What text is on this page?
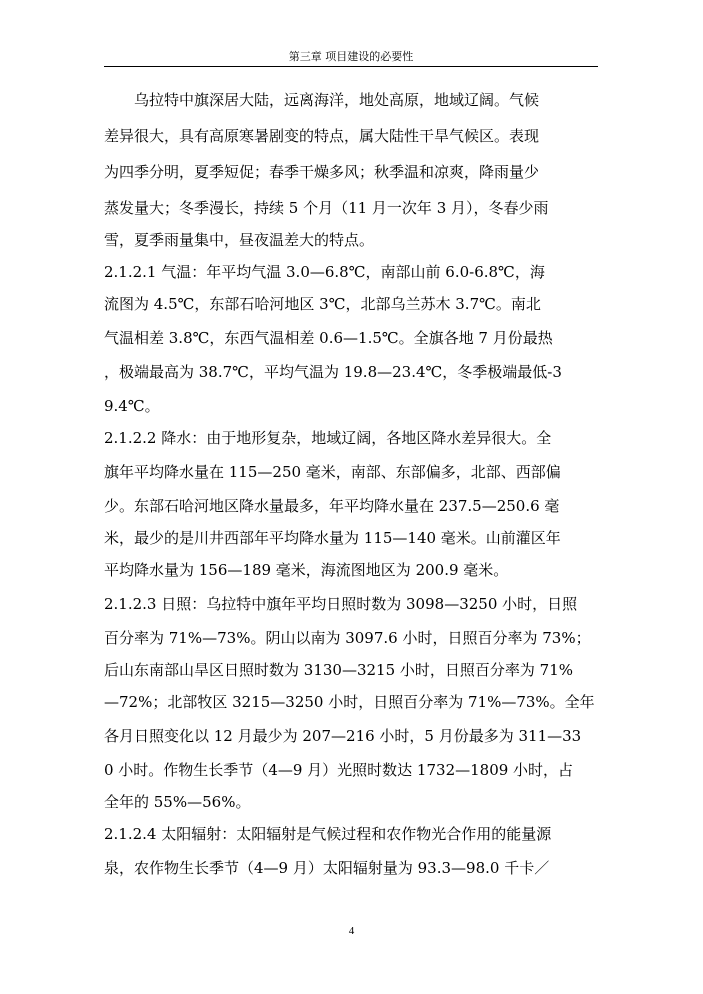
第三章 项目建设的必要性
　　乌拉特中旗深居大陆，远离海洋，地处高原，地域辽阔。气候
差异很大，具有高原寒暑剧变的特点，属大陆性干旱气候区。表现
为四季分明，夏季短促；春季干燥多风；秋季温和凉爽，降雨量少
蒸发量大；冬季漫长，持续 5 个月（11 月一次年 3 月），冬春少雨
雪，夏季雨量集中，昼夜温差大的特点。
2.1.2.1 气温：年平均气温 3.0—6.8℃，南部山前 6.0-6.8℃，海
流图为 4.5℃，东部石哈河地区 3℃，北部乌兰苏木 3.7℃。南北
气温相差 3.8℃，东西气温相差 0.6—1.5℃。全旗各地 7 月份最热
，极端最高为 38.7℃，平均气温为 19.8—23.4℃，冬季极端最低-3
9.4℃。
2.1.2.2 降水：由于地形复杂，地域辽阔，各地区降水差异很大。全
旗年平均降水量在 115—250 毫米，南部、东部偏多，北部、西部偏
少。东部石哈河地区降水量最多，年平均降水量在 237.5—250.6 毫
米，最少的是川井西部年平均降水量为 115—140 毫米。山前灌区年
平均降水量为 156—189 毫米，海流图地区为 200.9 毫米。
2.1.2.3 日照：乌拉特中旗年平均日照时数为 3098—3250 小时，日照
百分率为 71%—73%。阴山以南为 3097.6 小时，日照百分率为 73%；
后山东南部山旱区日照时数为 3130—3215 小时，日照百分率为 71%
—72%；北部牧区 3215—3250 小时，日照百分率为 71%—73%。全年
各月日照变化以 12 月最少为 207—216 小时，5 月份最多为 311—33
0 小时。作物生长季节（4—9 月）光照时数达 1732—1809 小时，占
全年的 55%—56%。
2.1.2.4 太阳辐射：太阳辐射是气候过程和农作物光合作用的能量源
泉，农作物生长季节（4—9 月）太阳辐射量为 93.3—98.0 千卡／
4
